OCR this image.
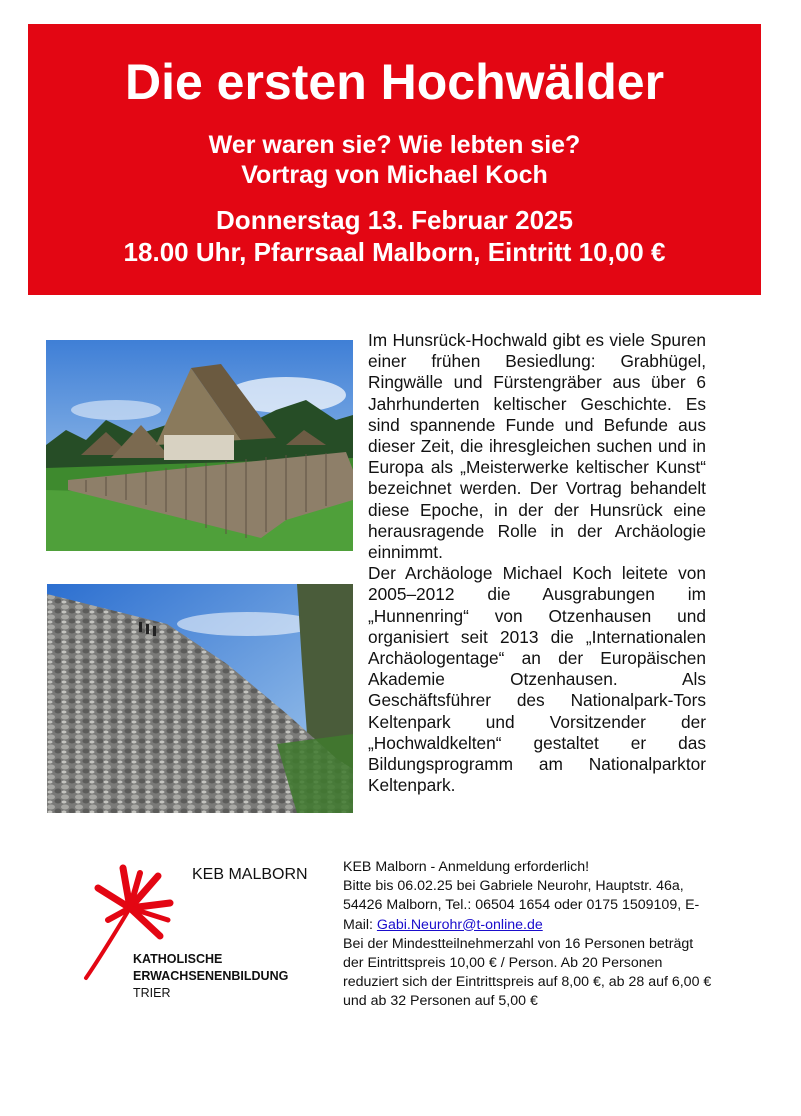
Die ersten Hochwälder
Wer waren sie? Wie lebten sie?
Vortrag von Michael Koch
Donnerstag 13. Februar 2025
18.00 Uhr, Pfarrsaal Malborn, Eintritt 10,00 €

Im Hunsrück-Hochwald gibt es viele Spuren einer frühen Besiedlung: Grabhügel, Ringwälle und Fürstengräber aus über 6 Jahrhunderten keltischer Geschichte. Es sind spannende Funde und Befunde aus dieser Zeit, die ihresgleichen suchen und in Europa als „Meisterwerke keltischer Kunst“ bezeichnet werden. Der Vortrag behandelt diese Epoche, in der der Hunsrück eine herausragende Rolle in der Archäologie einnimmt.

Der Archäologe Michael Koch leitete von 2005–2012 die Ausgrabungen im „Hunnenring“ von Otzenhausen und organisiert seit 2013 die „Internationalen Archäologentage“ an der Europäischen Akademie Otzenhausen. Als Geschäftsführer des Nationalpark-Tors Keltenpark und Vorsitzender der „Hochwaldkelten“ gestaltet er das Bildungsprogramm am Nationalparktor Keltenpark.

KEB MALBORN
KATHOLISCHE
ERWACHSENENBILDUNG
TRIER
KEB Malborn - Anmeldung erforderlich!
Bitte bis 06.02.25 bei Gabriele Neurohr, Hauptstr. 46a, 54426 Malborn, Tel.: 06504 1654 oder 0175 1509109, E-Mail: Gabi.Neurohr@t-online.de
Bei der Mindestteilnehmerzahl von 16 Personen beträgt der Eintrittspreis 10,00 € / Person. Ab 20 Personen reduziert sich der Eintrittspreis auf 8,00 €, ab 28 auf 6,00 € und ab 32 Personen auf 5,00 €
